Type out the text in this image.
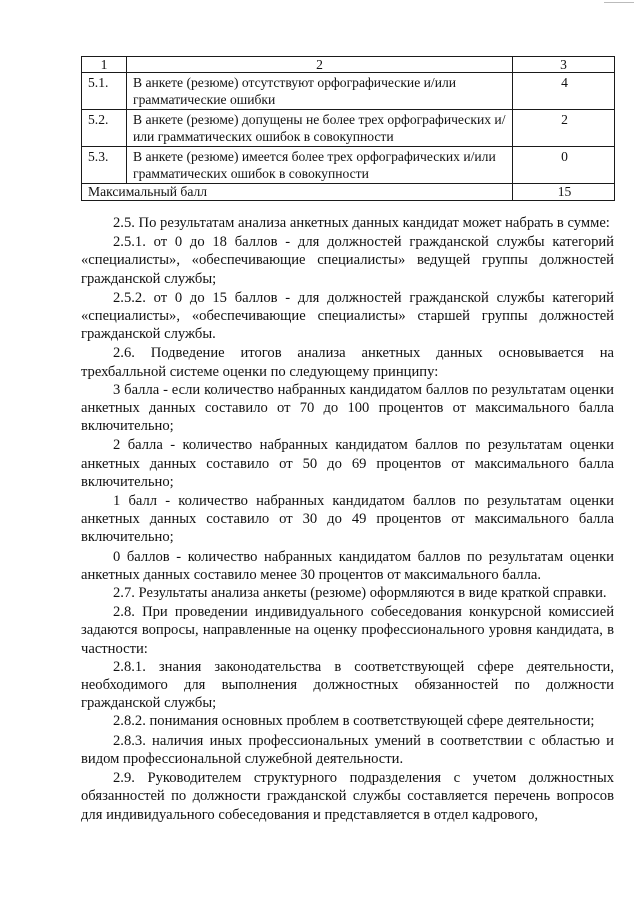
1	2	3
5.1.	В анкете (резюме) отсутствуют орфографические и/или грамматические ошибки	4
5.2.	В анкете (резюме) допущены не более трех орфографических и/или грамматических ошибок в совокупности	2
5.3.	В анкете (резюме) имеется более трех орфографических и/или грамматических ошибок в совокупности	0
Максимальный балл		15

2.5. По результатам анализа анкетных данных кандидат может набрать в сумме:

2.5.1. от 0 до 18 баллов - для должностей гражданской службы категорий «специалисты», «обеспечивающие специалисты» ведущей группы должностей гражданской службы;

2.5.2. от 0 до 15 баллов - для должностей гражданской службы категорий «специалисты», «обеспечивающие специалисты» старшей группы должностей гражданской службы.

2.6. Подведение итогов анализа анкетных данных основывается на трехбалльной системе оценки по следующему принципу:

3 балла - если количество набранных кандидатом баллов по результатам оценки анкетных данных составило от 70 до 100 процентов от максимального балла включительно;

2 балла - количество набранных кандидатом баллов по результатам оценки анкетных данных составило от 50 до 69 процентов от максимального балла включительно;

1 балл - количество набранных кандидатом баллов по результатам оценки анкетных данных составило от 30 до 49 процентов от максимального балла включительно;

0 баллов - количество набранных кандидатом баллов по результатам оценки анкетных данных составило менее 30 процентов от максимального балла.

2.7. Результаты анализа анкеты (резюме) оформляются в виде краткой справки.

2.8. При проведении индивидуального собеседования конкурсной комиссией задаются вопросы, направленные на оценку профессионального уровня кандидата, в частности:

2.8.1. знания законодательства в соответствующей сфере деятельности, необходимого для выполнения должностных обязанностей по должности гражданской службы;

2.8.2. понимания основных проблем в соответствующей сфере деятельности;

2.8.3. наличия иных профессиональных умений в соответствии с областью и видом профессиональной служебной деятельности.

2.9. Руководителем структурного подразделения с учетом должностных обязанностей по должности гражданской службы составляется перечень вопросов для индивидуального собеседования и представляется в отдел кадрового,
